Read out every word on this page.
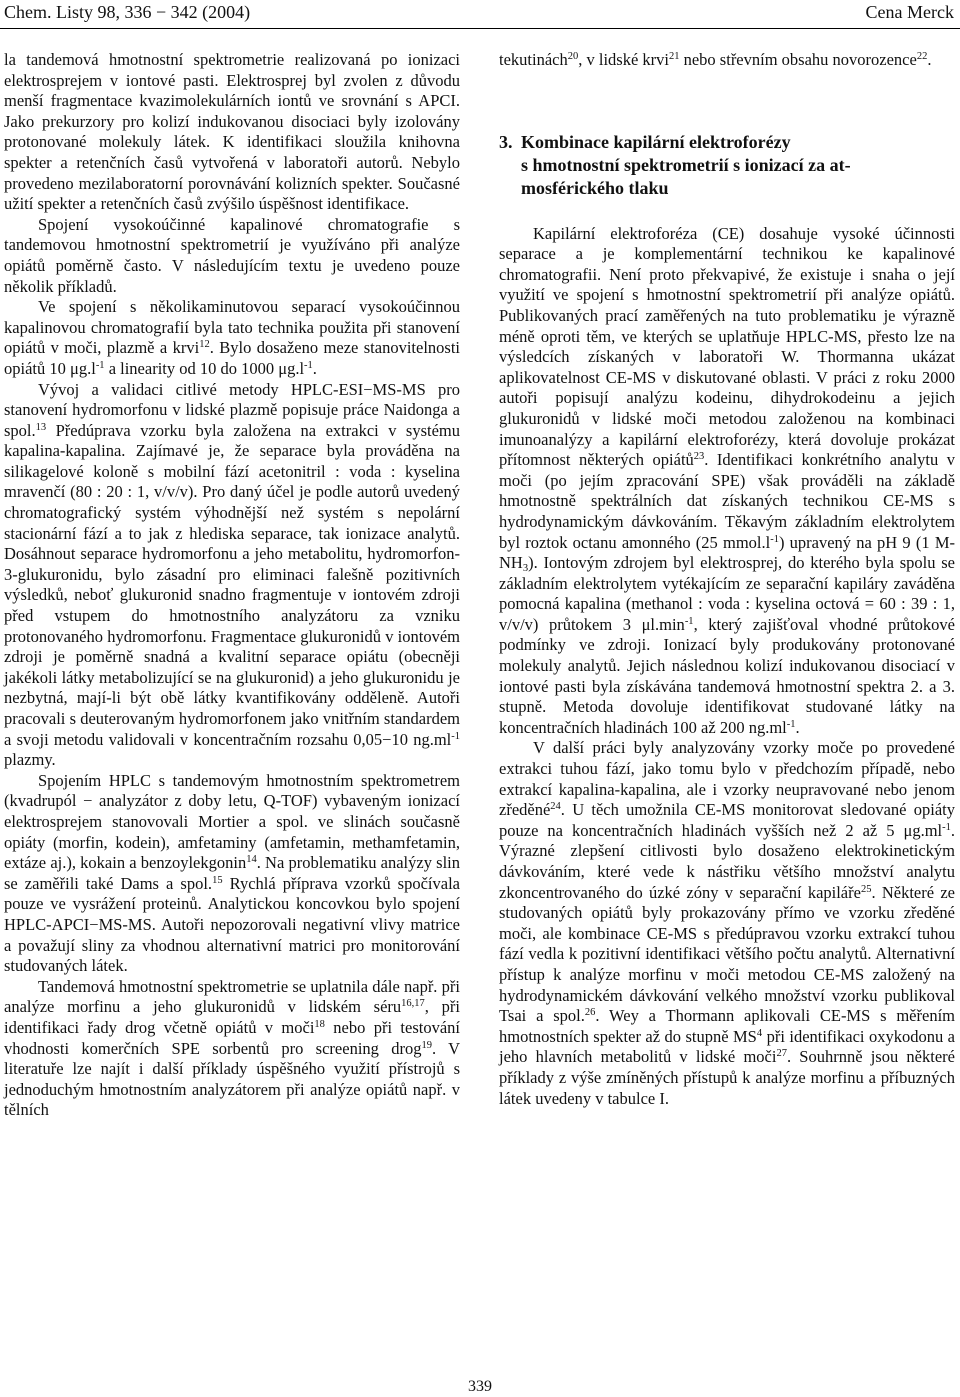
Chem. Listy 98, 336 − 342 (2004)	Cena Merck

la tandemová hmotnostní spektrometrie realizovaná po ionizaci elektrosprejem v iontové pasti. Elektrosprej byl zvolen z důvodu menší fragmentace kvazimolekulárních iontů ve srovnání s APCI. Jako prekurzory pro kolizí indukovanou disociaci byly izolovány protonované molekuly látek. K identifikaci sloužila knihovna spekter a retenčních časů vytvořená v laboratoři autorů. Nebylo provedeno mezilaboratorní porovnávání kolizních spekter. Současné užití spekter a retenčních časů zvýšilo úspěšnost identifikace.

Spojení vysokoúčinné kapalinové chromatografie s tandemovou hmotnostní spektrometrií je využíváno při analýze opiátů poměrně často. V následujícím textu je uvedeno pouze několik příkladů.

Ve spojení s několikaminutovou separací vysokoúčinnou kapalinovou chromatografií byla tato technika použita při stanovení opiátů v moči, plazmě a krvi$^{12}$. Bylo dosaženo meze stanovitelnosti opiátů 10 $\mu g.l^{-1}$ a linearity od 10 do 1000 $\mu g.l^{-1}$.

Vývoj a validaci citlivé metody HPLC-ESI−MS-MS pro stanovení hydromorfonu v lidské plazmě popisuje práce Naidonga a spol.$^{13}$ Předúprava vzorku byla založena na extrakci v systému kapalina-kapalina. Zajímavé je, že separace byla prováděna na silikagelové koloně s mobilní fází acetonitril : voda : kyselina mravenčí (80 : 20 : 1, v/v/v). Pro daný účel je podle autorů uvedený chromatografický systém výhodnější než systém s nepolární stacionární fází a to jak z hlediska separace, tak ionizace analytů. Dosáhnout separace hydromorfonu a jeho metabolitu, hydromorfon-3-glukuronidu, bylo zásadní pro eliminaci falešně pozitivních výsledků, neboť glukuronid snadno fragmentuje v iontovém zdroji před vstupem do hmotnostního analyzátoru za vzniku protonovaného hydromorfonu. Fragmentace glukuronidů v iontovém zdroji je poměrně snadná a kvalitní separace opiátu (obecněji jakékoli látky metabolizující se na glukuronid) a jeho glukuronidu je nezbytná, mají-li být obě látky kvantifikovány odděleně. Autoři pracovali s deuterovaným hydromorfonem jako vnitřním standardem a svoji metodu validovali v koncentračním rozsahu 0,05−10 $ng.ml^{-1}$ plazmy.

Spojením HPLC s tandemovým hmotnostním spektrometrem (kvadrupól − analyzátor z doby letu, Q-TOF) vybaveným ionizací elektrosprejem stanovovali Mortier a spol. ve slinách současně opiáty (morfin, kodein), amfetaminy (amfetamin, methamfetamin, extáze aj.), kokain a benzoylekgonin$^{14}$. Na problematiku analýzy slin se zaměřili také Dams a spol.$^{15}$ Rychlá příprava vzorků spočívala pouze ve vysrážení proteinů. Analytickou koncovkou bylo spojení HPLC-APCI−MS-MS. Autoři nepozorovali negativní vlivy matrice a považují sliny za vhodnou alternativní matrici pro monitorování studovaných látek.

Tandemová hmotnostní spektrometrie se uplatnila dále např. při analýze morfinu a jeho glukuronidů v lidském séru$^{16,17}$, při identifikaci řady drog včetně opiátů v moči$^{18}$ nebo při testování vhodnosti komerčních SPE sorbentů pro screening drog$^{19}$. V literatuře lze najít i další příklady úspěšného využití přístrojů s jednoduchým hmotnostním analyzátorem při analýze opiátů např. v tělních

tekutinách$^{20}$, v lidské krvi$^{21}$ nebo střevním obsahu novorozence$^{22}$.

3. Kombinace kapilární elektroforézy
s hmotnostní spektrometrií s ionizací za at-
mosférického tlaku

Kapilární elektroforéza (CE) dosahuje vysoké účinnosti separace a je komplementární technikou ke kapalinové chromatografii. Není proto překvapivé, že existuje i snaha o její využití ve spojení s hmotnostní spektrometrií při analýze opiátů. Publikovaných prací zaměřených na tuto problematiku je výrazně méně oproti těm, ve kterých se uplatňuje HPLC-MS, přesto lze na výsledcích získaných v laboratoři W. Thormanna ukázat aplikovatelnost CE-MS v diskutované oblasti. V práci z roku 2000 autoři popisují analýzu kodeinu, dihydrokodeinu a jejich glukuronidů v lidské moči metodou založenou na kombinaci imunoanalýzy a kapilární elektroforézy, která dovoluje prokázat přítomnost některých opiátů$^{23}$. Identifikaci konkrétního analytu v moči (po jejím zpracování SPE) však prováděli na základě hmotnostně spektrálních dat získaných technikou CE-MS s hydrodynamickým dávkováním. Těkavým základním elektrolytem byl roztok octanu amonného (25 $mmol.l^{-1}$) upravený na pH 9 (1 $M-NH_3$). Iontovým zdrojem byl elektrosprej, do kterého byla spolu se základním elektrolytem vytékajícím ze separační kapiláry zaváděna pomocná kapalina (methanol : voda : kyselina octová = 60 : 39 : 1, v/v/v) průtokem 3 $\mu l.\min^{-1}$, který zajišťoval vhodné průtokové podmínky ve zdroji. Ionizací byly produkovány protonované molekuly analytů. Jejich následnou kolizí indukovanou disociací v iontové pasti byla získávána tandemová hmotnostní spektra 2. a 3. stupně. Metoda dovoluje identifikovat studované látky na koncentračních hladinách 100 až 200 $ng.ml^{-1}$.

V další práci byly analyzovány vzorky moče po provedené extrakci tuhou fází, jako tomu bylo v předchozím případě, nebo extrakcí kapalina-kapalina, ale i vzorky neupravované nebo jenom zředěné$^{24}$. U těch umožnila CE-MS monitorovat sledované opiáty pouze na koncentračních hladinách vyšších než 2 až 5 $\mu g.ml^{-1}$. Výrazné zlepšení citlivosti bylo dosaženo elektrokinetickým dávkováním, které vede k nástřiku většího množství analytu zkoncentrovaného do úzké zóny v separační kapiláře$^{25}$. Některé ze studovaných opiátů byly prokazovány přímo ve vzorku zředěné moči, ale kombinace CE-MS s předúpravou vzorku extrakcí tuhou fází vedla k pozitivní identifikaci většího počtu analytů. Alternativní přístup k analýze morfinu v moči metodou CE-MS založený na hydrodynamickém dávkování velkého množství vzorku publikoval Tsai a spol.$^{26}$. Wey a Thormann aplikovali CE-MS s měřením hmotnostních spekter až do stupně $MS^4$ při identifikaci oxykodonu a jeho hlavních metabolitů v lidské moči$^{27}$. Souhrnně jsou některé příklady z výše zmíněných přístupů k analýze morfinu a příbuzných látek uvedeny v tabulce I.

339
